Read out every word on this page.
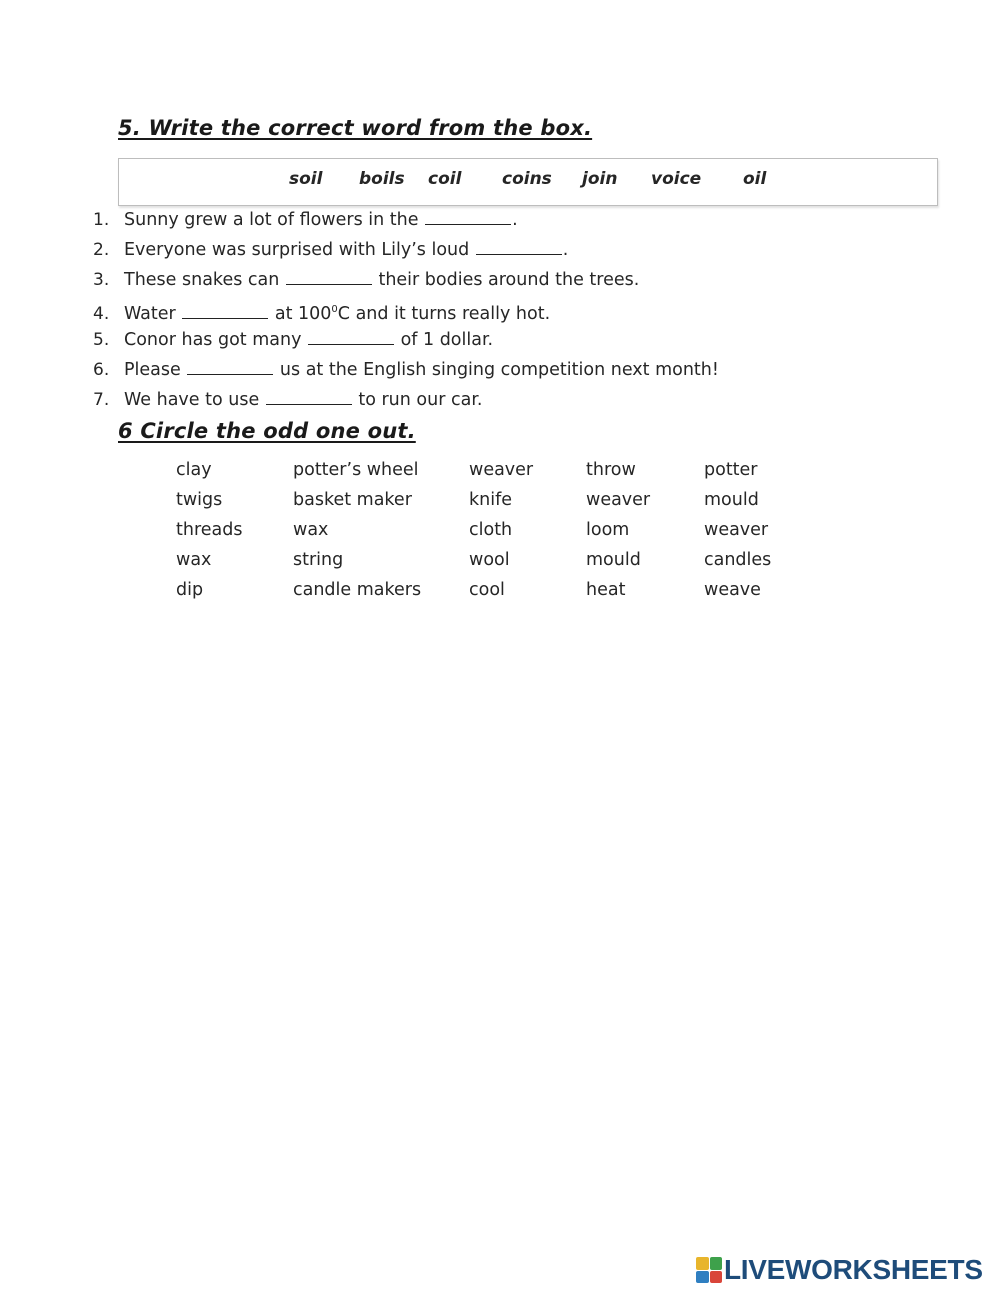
5. Write the correct word from the box.
soil boils coil coins join voice oil
1. Sunny grew a lot of flowers in the	.
2. Everyone was surprised with Lily’s loud	.
3. These snakes can	their bodies around the trees.
4. Water	at $100^0C$ and it turns really hot.
5. Conor has got many	of 1 dollar.
6. Please	us at the English singing competition next month!
7. We have to use	to run our car.
6 Circle the odd one out.
clay	potter’s wheel	weaver	throw	potter
twigs	basket maker	knife	weaver	mould
threads	wax	cloth	loom	weaver
wax	string	wool	mould	candles
dip	candle makers	cool	heat	weave
LIVEWORKSHEETS
